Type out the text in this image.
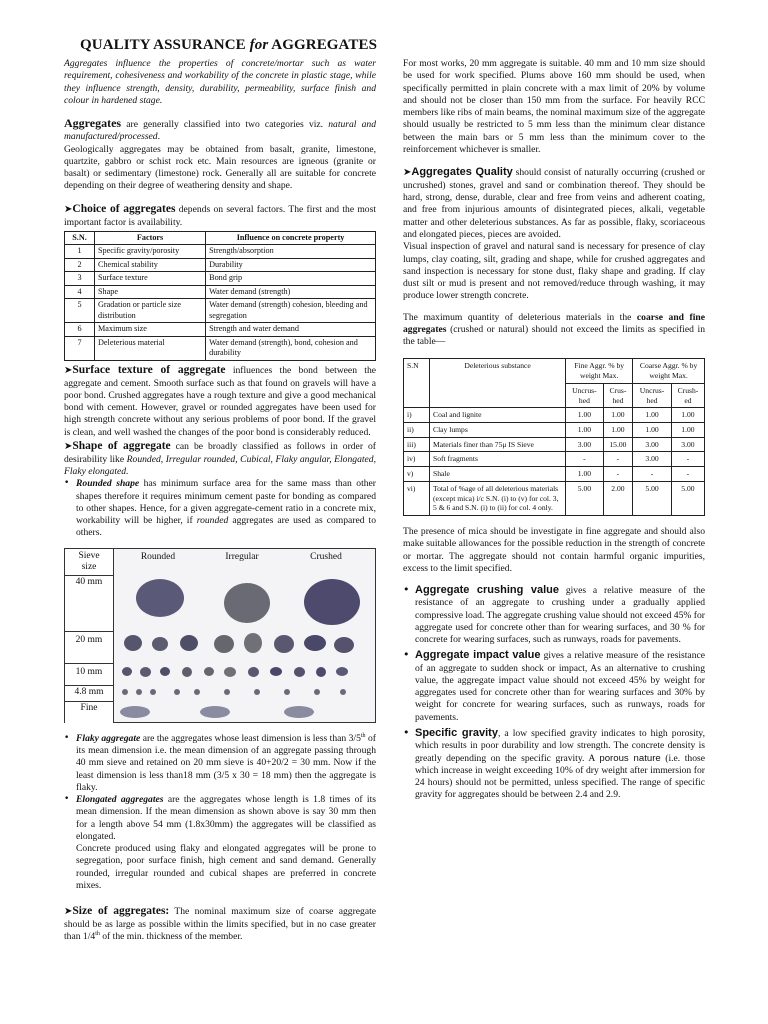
QUALITY ASSURANCE for AGGREGATES

Aggregates influence the properties of concrete/mortar such as water requirement, cohesiveness and workability of the concrete in plastic stage, while they influence strength, density, durability, permeability, surface finish and colour in hardened stage.

Aggregates are generally classified into two categories viz. natural and manufactured/processed.

Geologically aggregates may be obtained from basalt, granite, limestone, quartzite, gabbro or schist rock etc. Main resources are igneous (granite or basalt) or sedimentary (limestone) rock. Generally all are suitable for concrete depending on their degree of weathering density and shape.

➤Choice of aggregates depends on several factors. The first and the most important factor is availability.

S.N.	Factors	Influence on concrete property
1	Specific gravity/porosity	Strength/absorption
2	Chemical stability	Durability
3	Surface texture	Bond grip
4	Shape	Water demand (strength)
5	Gradation or particle size distribution	Water demand (strength) cohesion, bleeding and segregation
6	Maximum size	Strength and water demand
7	Deleterious material	Water demand (strength), bond, cohesion and durability

➤Surface texture of aggregate influences the bond between the aggregate and cement. Smooth surface such as that found on gravels will have a poor bond. Crushed aggregates have a rough texture and give a good mechanical bond with cement. However, gravel or rounded aggregates have been used for high strength concrete without any serious problems of poor bond. If the gravel is clean, and well washed the changes of the poor bond is considerably reduced.

➤Shape of aggregate can be broadly classified as follows in order of desirability like Rounded, Irregular rounded, Cubical, Flaky angular, Elongated, Flaky elongated.

• Rounded shape has minimum surface area for the same mass than other shapes therefore it requires minimum cement paste for bonding as compared to other shapes. Hence, for a given aggregate-cement ratio in a concrete mix, workability will be higher, if rounded aggregates are used as compared to others.

Sieve
size
Rounded	Irregular	Crushed
40 mm
20 mm
10 mm
4.8 mm
Fine

• Flaky aggregate are the aggregates whose least dimension is less than 3/5th of its mean dimension i.e. the mean dimension of an aggregate passing through 40 mm sieve and retained on 20 mm sieve is 40+20/2 = 30 mm. Now if the least dimension is less than18 mm (3/5 x 30 = 18 mm) then the aggregate is flaky.

• Elongated aggregates are the aggregates whose length is 1.8 times of its mean dimension. If the mean dimension as shown above is say 30 mm then for a length above 54 mm (1.8x30mm) the aggregates will be classified as elongated.

Concrete produced using flaky and elongated aggregates will be prone to segregation, poor surface finish, high cement and sand demand. Generally rounded, irregular rounded and cubical shapes are preferred in concrete mixes.

➤Size of aggregates: The nominal maximum size of coarse aggregate should be as large as possible within the limits specified, but in no case greater than 1/4th of the min. thickness of the member.

For most works, 20 mm aggregate is suitable. 40 mm and 10 mm size should be used for work specified. Plums above 160 mm should be used, when specifically permitted in plain concrete with a max limit of 20% by volume and should not be closer than 150 mm from the surface. For heavily RCC members like ribs of main beams, the nominal maximum size of the aggregate should usually be restricted to 5 mm less than the minimum clear distance between the main bars or 5 mm less than the minimum cover to the reinforcement whichever is smaller.

➤Aggregates Quality should consist of naturally occurring (crushed or uncrushed) stones, gravel and sand or combination thereof. They should be hard, strong, dense, durable, clear and free from veins and adherent coating, and free from injurious amounts of disintegrated pieces, alkali, vegetable matter and other deleterious substances. As far as possible, flaky, scoriaceous and elongated pieces, pieces are avoided.

Visual inspection of gravel and natural sand is necessary for presence of clay lumps, clay coating, silt, grading and shape, while for crushed aggregates and sand inspection is necessary for stone dust, flaky shape and grading. If clay dust silt or mud is present and not removed/reduce through washing, it may produce lower strength concrete.

The maximum quantity of deleterious materials in the coarse and fine aggregates (crushed or natural) should not exceed the limits as specified in the table—

S.N	Deleterious substance	Fine Aggr. % by weight Max.		Coarse Aggr. % by weight Max.	
		Uncrus-hed	Crus-hed	Uncrus-hed	Crush-ed
i)	Coal and lignite	1.00	1.00	1.00	1.00
ii)	Clay lumps	1.00	1.00	1.00	1.00
iii)	Materials finer than 75μ IS Sieve	3.00	15.00	3.00	3.00
iv)	Soft fragments	-	-	3.00	-
v)	Shale	1.00	-	-	-
vi)	Total of %age of all deleterious materials (except mica) i/c S.N. (i) to (v) for col. 3, 5 & 6 and S.N. (i) to (ii) for col. 4 only.	5.00	2.00	5.00	5.00

The presence of mica should be investigate in fine aggregate and should also make suitable allowances for the possible reduction in the strength of concrete or mortar. The aggregate should not contain harmful organic impurities, excess to the limit specified.

• Aggregate crushing value gives a relative measure of the resistance of an aggregate to crushing under a gradually applied compressive load. The aggregate crushing value should not exceed 45% for aggregate used for concrete other than for wearing surfaces, and 30 % for concrete for wearing surfaces, such as runways, roads for pavements.

• Aggregate impact value gives a relative measure of the resistance of an aggregate to sudden shock or impact, As an alternative to crushing value, the aggregate impact value should not exceed 45% by weight for aggregates used for concrete other than for wearing surfaces and 30% by weight for concrete for wearing surfaces, such as runways, roads for pavements.

• Specific gravity, a low specified gravity indicates to high porosity, which results in poor durability and low strength. The concrete density is greatly depending on the specific gravity. A porous nature (i.e. those which increase in weight exceeding 10% of dry weight after immersion for 24 hours) should not be permitted, unless specified. The range of specific gravity for aggregates should be between 2.4 and 2.9.
